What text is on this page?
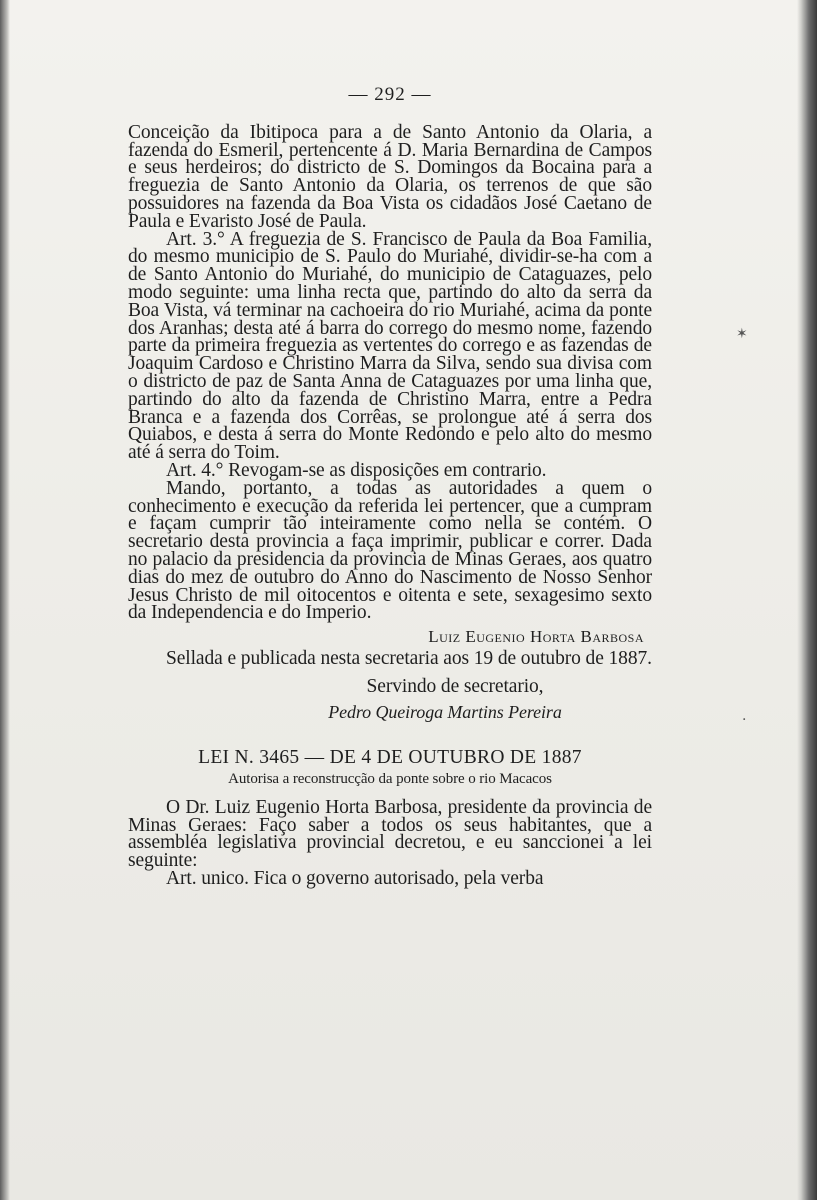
✶
·
— 292 —

Conceição da Ibitipoca para a de Santo Antonio da Olaria, a fazenda do Esmeril, pertencente á D. Maria Bernardina de Campos e seus herdeiros; do districto de S. Domingos da Bocaina para a freguezia de Santo Antonio da Olaria, os terrenos de que são possuidores na fazenda da Boa Vista os cidadãos José Caetano de Paula e Evaristo José de Paula.

Art. 3.° A freguezia de S. Francisco de Paula da Boa Familia, do mesmo municipio de S. Paulo do Muriahé, dividir-se-ha com a de Santo Antonio do Muriahé, do municipio de Cataguazes, pelo modo seguinte: uma linha recta que, partindo do alto da serra da Boa Vista, vá terminar na cachoeira do rio Muriahé, acima da ponte dos Aranhas; desta até á barra do corrego do mesmo nome, fazendo parte da primeira freguezia as vertentes do corrego e as fazendas de Joaquim Cardoso e Christino Marra da Silva, sendo sua divisa com o districto de paz de Santa Anna de Cataguazes por uma linha que, partindo do alto da fazenda de Christino Marra, entre a Pedra Branca e a fazenda dos Corrêas, se prolongue até á serra dos Quiabos, e desta á serra do Monte Redondo e pelo alto do mesmo até á serra do Toim.

Art. 4.° Revogam-se as disposições em contrario.

Mando, portanto, a todas as autoridades a quem o conhecimento e execução da referida lei pertencer, que a cumpram e façam cumprir tão inteiramente como nella se contém. O secretario desta provincia a faça imprimir, publicar e correr. Dada no palacio da presidencia da provincia de Minas Geraes, aos quatro dias do mez de outubro do Anno do Nascimento de Nosso Senhor Jesus Christo de mil oitocentos e oitenta e sete, sexagesimo sexto da Independencia e do Imperio.

Luiz Eugenio Horta Barbosa

Sellada e publicada nesta secretaria aos 19 de outubro de 1887.

Servindo de secretario,
Pedro Queiroga Martins Pereira
LEI N. 3465 — DE 4 DE OUTUBRO DE 1887
Autorisa a reconstrucção da ponte sobre o rio Macacos

O Dr. Luiz Eugenio Horta Barbosa, presidente da provincia de Minas Geraes: Faço saber a todos os seus habitantes, que a assembléa legislativa provincial decretou, e eu sanccionei a lei seguinte:

Art. unico. Fica o governo autorisado, pela verba
